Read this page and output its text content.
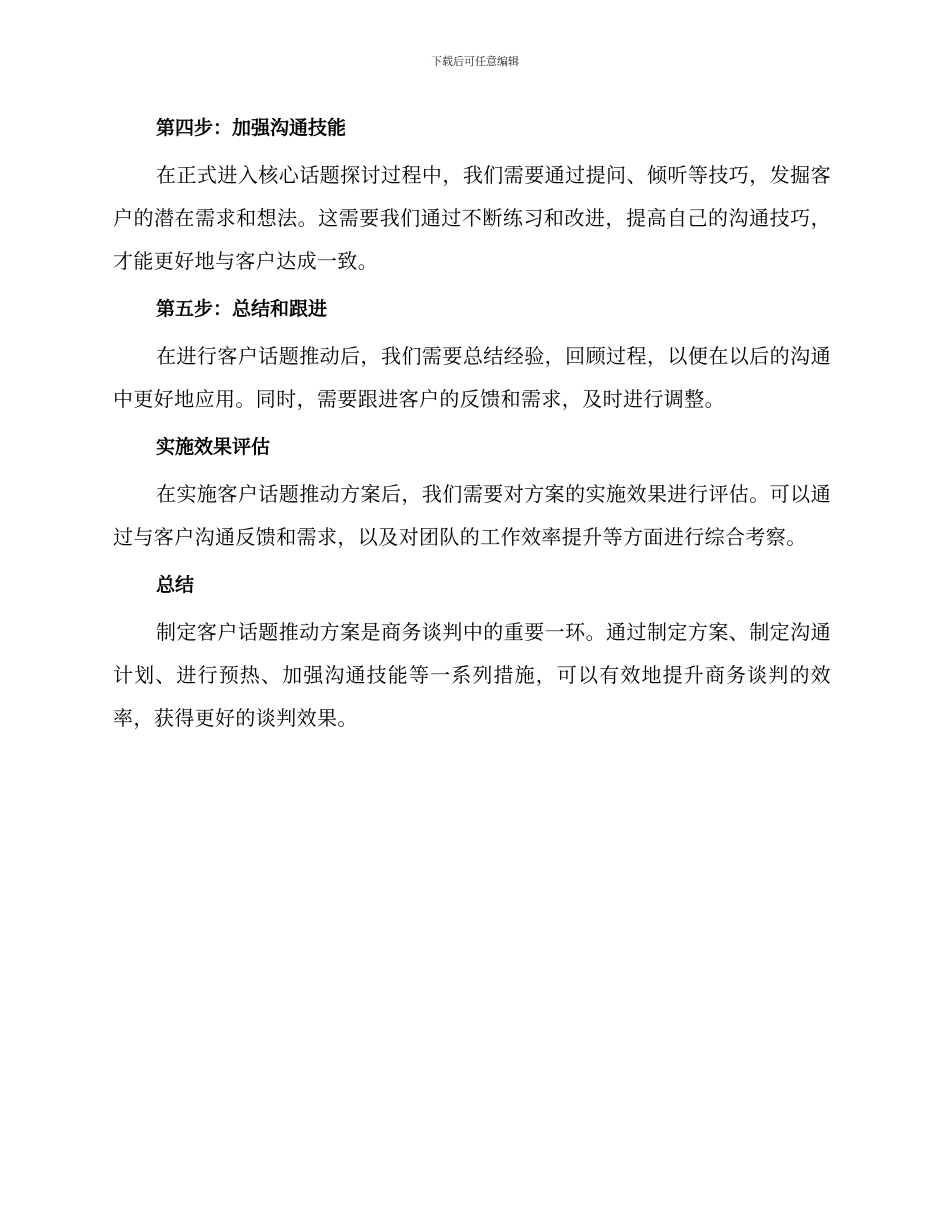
下载后可任意编辑
第四步：加强沟通技能

在正式进入核心话题探讨过程中，我们需要通过提问、倾听等技巧，发掘客户的潜在需求和想法。这需要我们通过不断练习和改进，提高自己的沟通技巧，才能更好地与客户达成一致。

第五步：总结和跟进

在进行客户话题推动后，我们需要总结经验，回顾过程，以便在以后的沟通中更好地应用。同时，需要跟进客户的反馈和需求，及时进行调整。

实施效果评估

在实施客户话题推动方案后，我们需要对方案的实施效果进行评估。可以通过与客户沟通反馈和需求，以及对团队的工作效率提升等方面进行综合考察。

总结

制定客户话题推动方案是商务谈判中的重要一环。通过制定方案、制定沟通计划、进行预热、加强沟通技能等一系列措施，可以有效地提升商务谈判的效率，获得更好的谈判效果。
